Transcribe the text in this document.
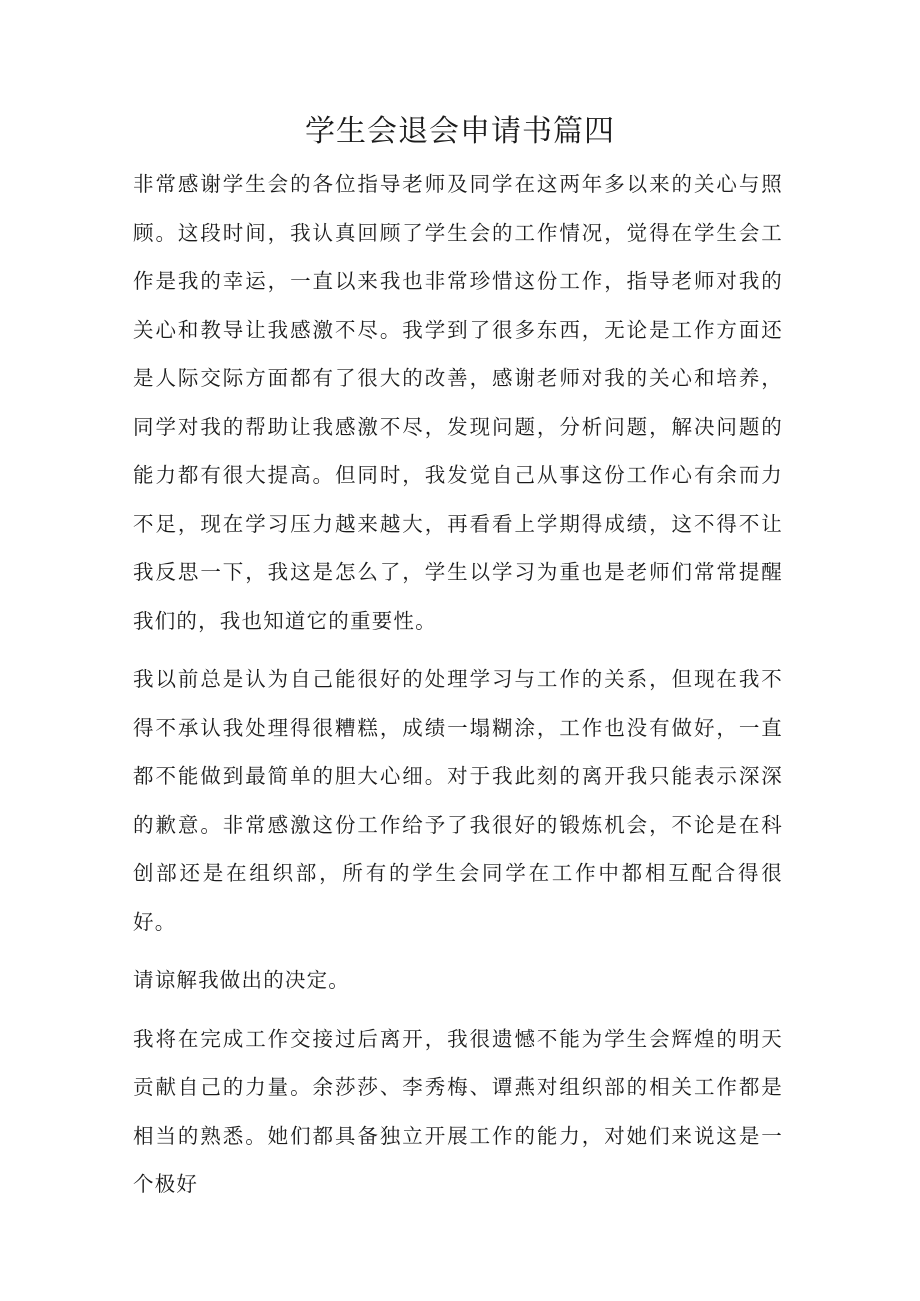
学生会退会申请书篇四

非常感谢学生会的各位指导老师及同学在这两年多以来的关心与照顾。这段时间，我认真回顾了学生会的工作情况，觉得在学生会工作是我的幸运，一直以来我也非常珍惜这份工作，指导老师对我的关心和教导让我感激不尽。我学到了很多东西，无论是工作方面还是人际交际方面都有了很大的改善，感谢老师对我的关心和培养，同学对我的帮助让我感激不尽，发现问题，分析问题，解决问题的能力都有很大提高。但同时，我发觉自己从事这份工作心有余而力不足，现在学习压力越来越大，再看看上学期得成绩，这不得不让我反思一下，我这是怎么了，学生以学习为重也是老师们常常提醒我们的，我也知道它的重要性。

我以前总是认为自己能很好的处理学习与工作的关系，但现在我不得不承认我处理得很糟糕，成绩一塌糊涂，工作也没有做好，一直都不能做到最简单的胆大心细。对于我此刻的离开我只能表示深深的歉意。非常感激这份工作给予了我很好的锻炼机会，不论是在科创部还是在组织部，所有的学生会同学在工作中都相互配合得很好。

请谅解我做出的决定。

我将在完成工作交接过后离开，我很遗憾不能为学生会辉煌的明天贡献自己的力量。余莎莎、李秀梅、谭燕对组织部的相关工作都是相当的熟悉。她们都具备独立开展工作的能力，对她们来说这是一个极好
